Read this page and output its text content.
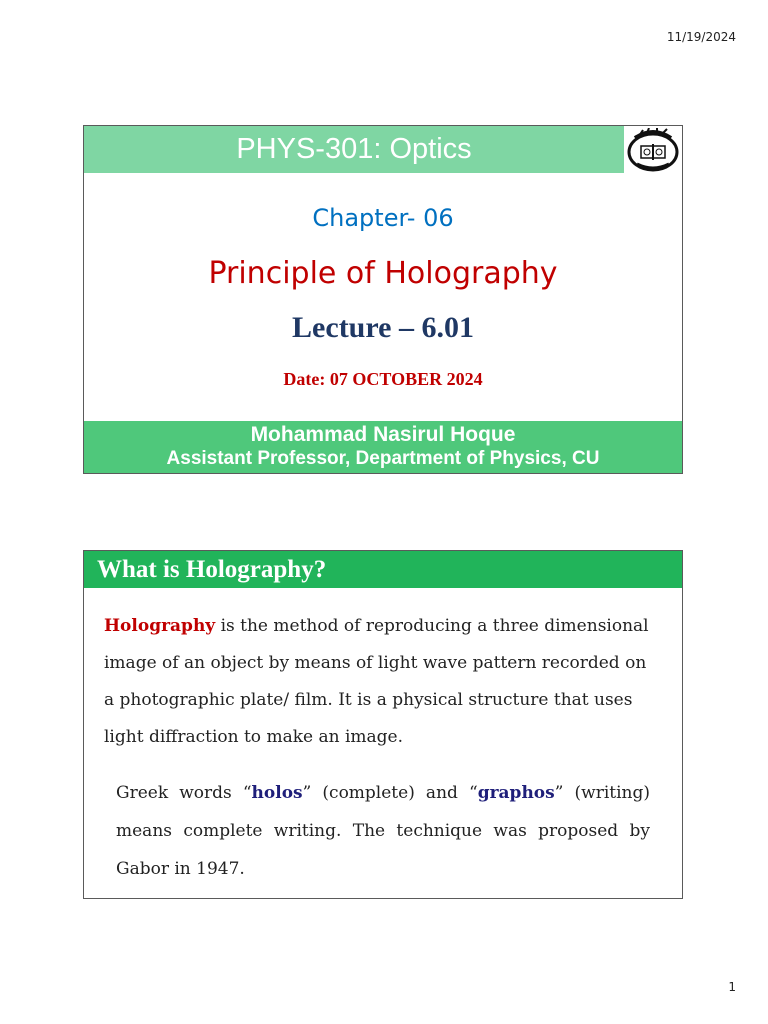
11/19/2024
PHYS-301: Optics
Chapter- 06
Principle of Holography
Lecture – 6.01
Date: 07 OCTOBER 2024
Mohammad Nasirul Hoque
Assistant Professor, Department of Physics, CU
What is Holography?
Holography is the method of reproducing a three dimensional image of an object by means of light wave pattern recorded on a photographic plate/ film. It is a physical structure that uses light diffraction to make an image.
Greek words “holos” (complete) and “graphos” (writing) means complete writing. The technique was proposed by Gabor in 1947.
1
